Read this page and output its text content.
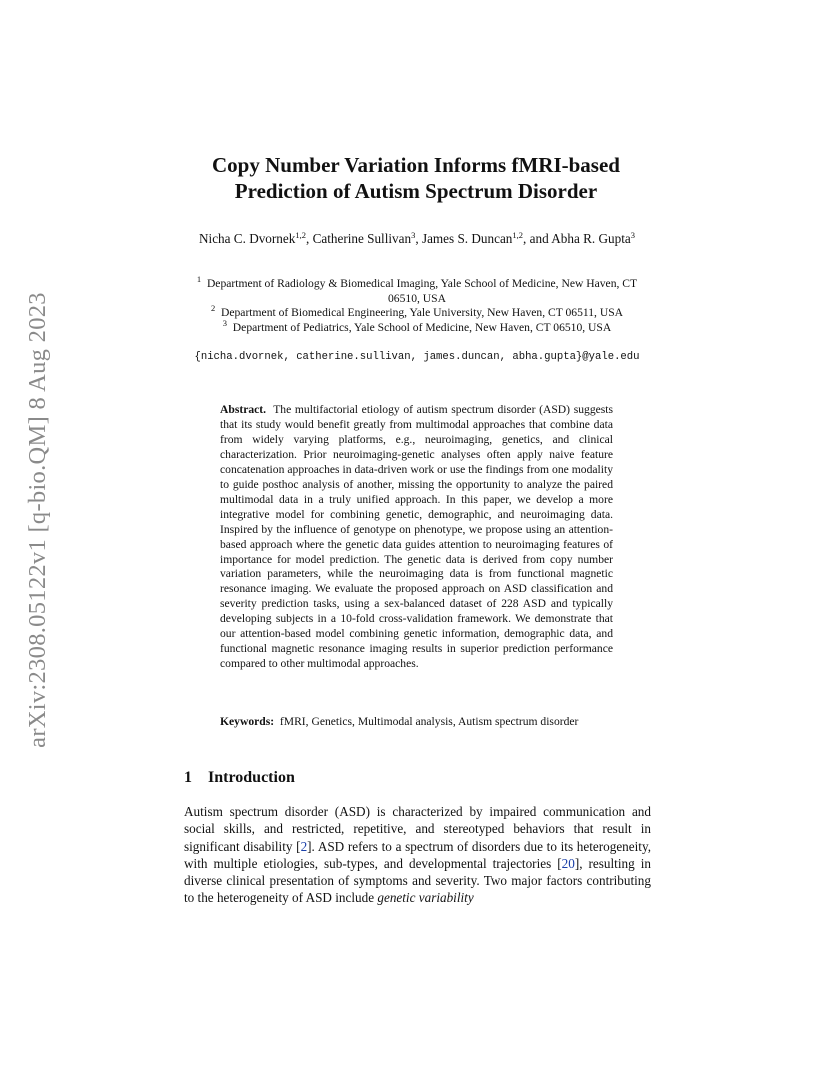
arXiv:2308.05122v1 [q-bio.QM] 8 Aug 2023
Copy Number Variation Informs fMRI-based
Prediction of Autism Spectrum Disorder
Nicha C. Dvornek$^{1,2}$, Catherine Sullivan$^3$, James S. Duncan$^{1,2}$, and Abha R. Gupta$^3$

$^1$ Department of Radiology & Biomedical Imaging, Yale School of Medicine, New Haven, CT 06510, USA

$^2$ Department of Biomedical Engineering, Yale University, New Haven, CT 06511, USA

$^3$ Department of Pediatrics, Yale School of Medicine, New Haven, CT 06510, USA

{nicha.dvornek, catherine.sullivan, james.duncan, abha.gupta}@yale.edu
Abstract. The multifactorial etiology of autism spectrum disorder (ASD) suggests that its study would benefit greatly from multimodal approaches that combine data from widely varying platforms, e.g., neuroimaging, genetics, and clinical characterization. Prior neuroimaging-genetic analyses often apply naive feature concatenation approaches in data-driven work or use the findings from one modality to guide posthoc analysis of another, missing the opportunity to analyze the paired multimodal data in a truly unified approach. In this paper, we develop a more integrative model for combining genetic, demographic, and neuroimaging data. Inspired by the influence of genotype on phenotype, we propose using an attention-based approach where the genetic data guides attention to neuroimaging features of importance for model prediction. The genetic data is derived from copy number variation parameters, while the neuroimaging data is from functional magnetic resonance imaging. We evaluate the proposed approach on ASD classification and severity prediction tasks, using a sex-balanced dataset of 228 ASD and typically developing subjects in a 10-fold cross-validation framework. We demonstrate that our attention-based model combining genetic information, demographic data, and functional magnetic resonance imaging results in superior prediction performance compared to other multimodal approaches.
Keywords: fMRI, Genetics, Multimodal analysis, Autism spectrum disorder
1 Introduction
Autism spectrum disorder (ASD) is characterized by impaired communication and social skills, and restricted, repetitive, and stereotyped behaviors that result in significant disability [2]. ASD refers to a spectrum of disorders due to its heterogeneity, with multiple etiologies, sub-types, and developmental trajectories [20], resulting in diverse clinical presentation of symptoms and severity. Two major factors contributing to the heterogeneity of ASD include genetic variability
